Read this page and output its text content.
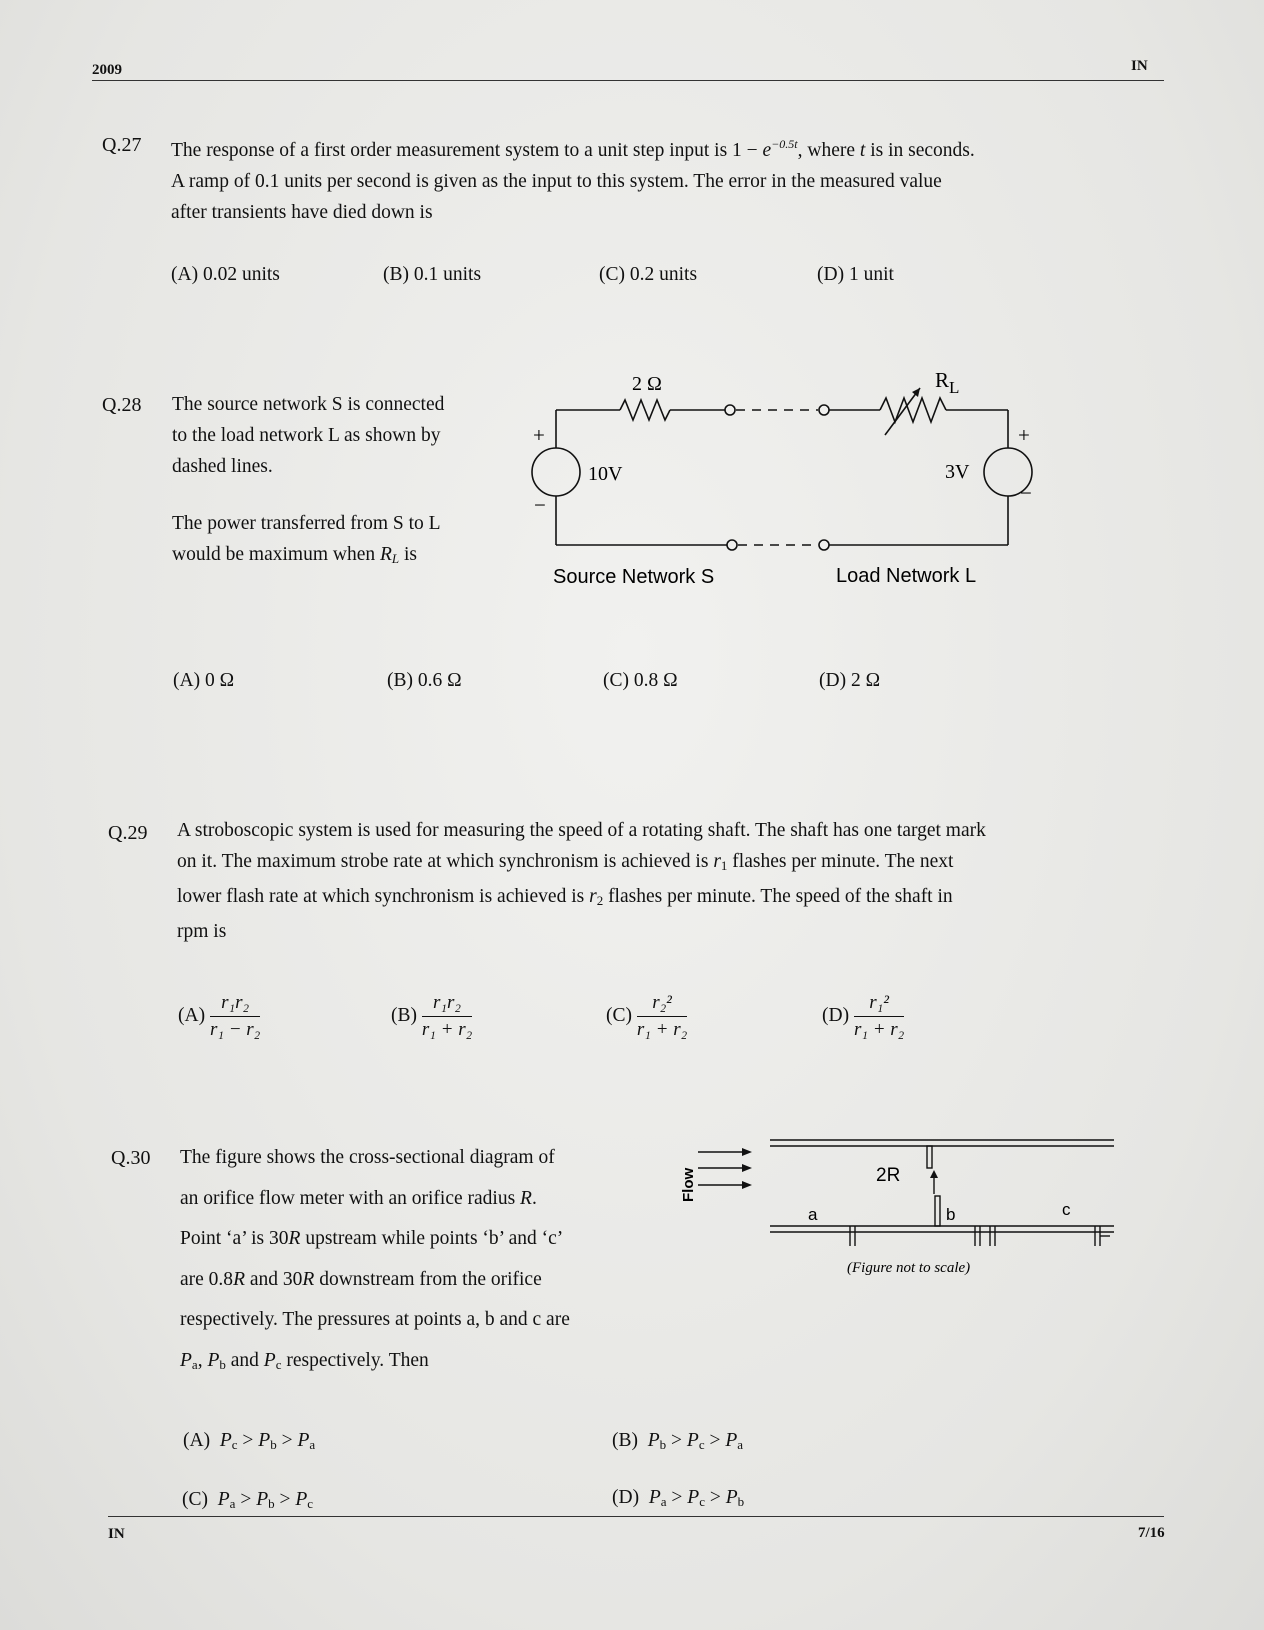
2009	IN
Q.27 The response of a first order measurement system to a unit step input is $1 - e^{-0.5t}$, where t is in seconds.
A ramp of 0.1 units per second is given as the input to this system. The error in the measured value
after transients have died down is
(A) 0.02 units	(B) 0.1 units	(C) 0.2 units	(D) 1 unit
Q.28 The source network S is connected
to the load network L as shown by
dashed lines.
The power transferred from S to L
would be maximum when $R_L$ is
2 Ω	$R_L$
10V	3V
+
−
+
−
Source Network S	Load Network L
(A) 0 Ω	(B) 0.6 Ω	(C) 0.8 Ω	(D) 2 Ω
Q.29 A stroboscopic system is used for measuring the speed of a rotating shaft. The shaft has one target mark
on it. The maximum strobe rate at which synchronism is achieved is $r_1$ flashes per minute. The next
lower flash rate at which synchronism is achieved is $r_2$ flashes per minute. The speed of the shaft in
rpm is
$(A) \frac{\text{r₁r₂}}{\text{r₁ − r₂}}$	$(B) \frac{\text{r₁r₂}}{\text{r₁ + r₂}}$	$(C) \frac{\text{r₂²}}{\text{r₁ + r₂}}$	$(D) \frac{\text{r₁²}}{\text{r₁ + r₂}}$
Q.30 The figure shows the cross-sectional diagram of
an orifice flow meter with an orifice radius R.
Point ‘a’ is 30R upstream while points ‘b’ and ‘c’
are 0.8R and 30R downstream from the orifice
respectively. The pressures at points a, b and c are
$P_a$, $P_b$ and $P_c$ respectively. Then
Flow	2R
a	b	c
(Figure not to scale)
(A) $P_c > P_b > P_a$	(B) $P_b > P_c > P_a$
(C) $P_a > P_b > P_c$	(D) $P_a > P_c > P_b$
IN	7/16
